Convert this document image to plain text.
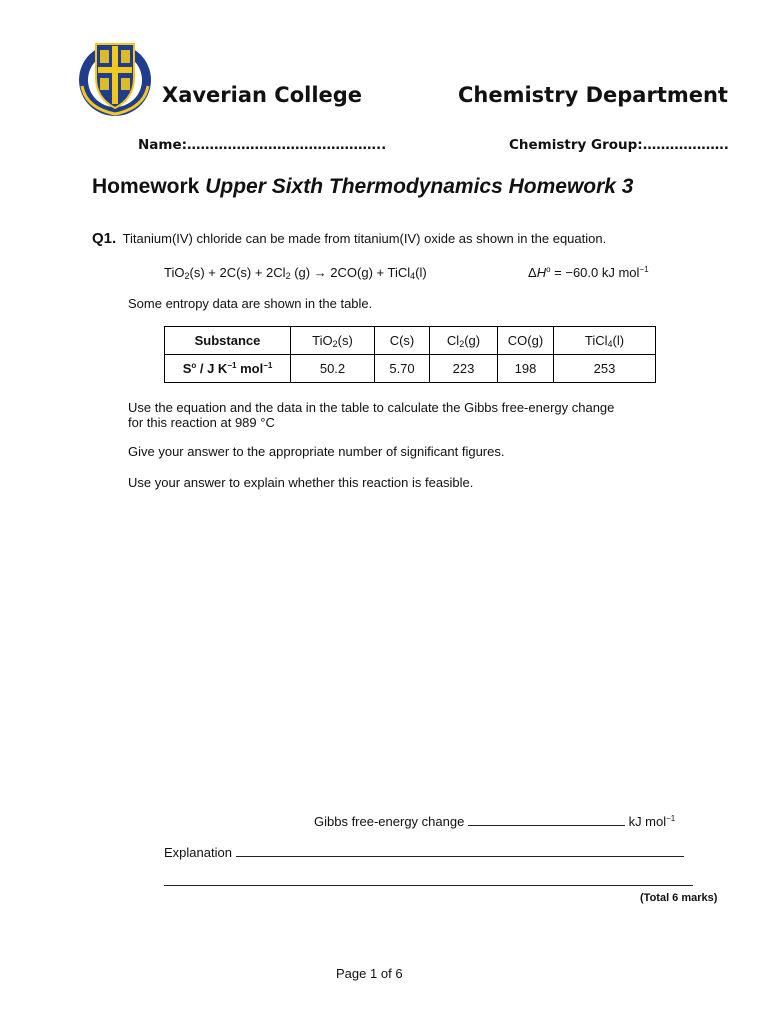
Xaverian College	Chemistry Department
Name:……………………………………..	Chemistry Group:……………….
Homework Upper Sixth Thermodynamics Homework 3
Q1. Titanium(IV) chloride can be made from titanium(IV) oxide as shown in the equation.
$TiO_2(s) + 2C(s) + 2Cl_2$ (g) → 2CO(g) + TiCl$_4$(l)	$\Delta H^o = -60.0$ kJ mol$^{-1}$
Some entropy data are shown in the table.
Substance	TiO$_2$(s)	C(s)	$Cl_2(g)$	CO(g)	TiCl$_4$(l)
$S^o$ / J $K^{-1}$ mol$^{-1}$	50.2	5.70	223	198	253
Use the equation and the data in the table to calculate the Gibbs free-energy change for this reaction at 989 °C
Give your answer to the appropriate number of significant figures.
Use your answer to explain whether this reaction is feasible.
Gibbs free-energy change	kJ mol$^{-1}$
Explanation
(Total 6 marks)
Page 1 of 6
